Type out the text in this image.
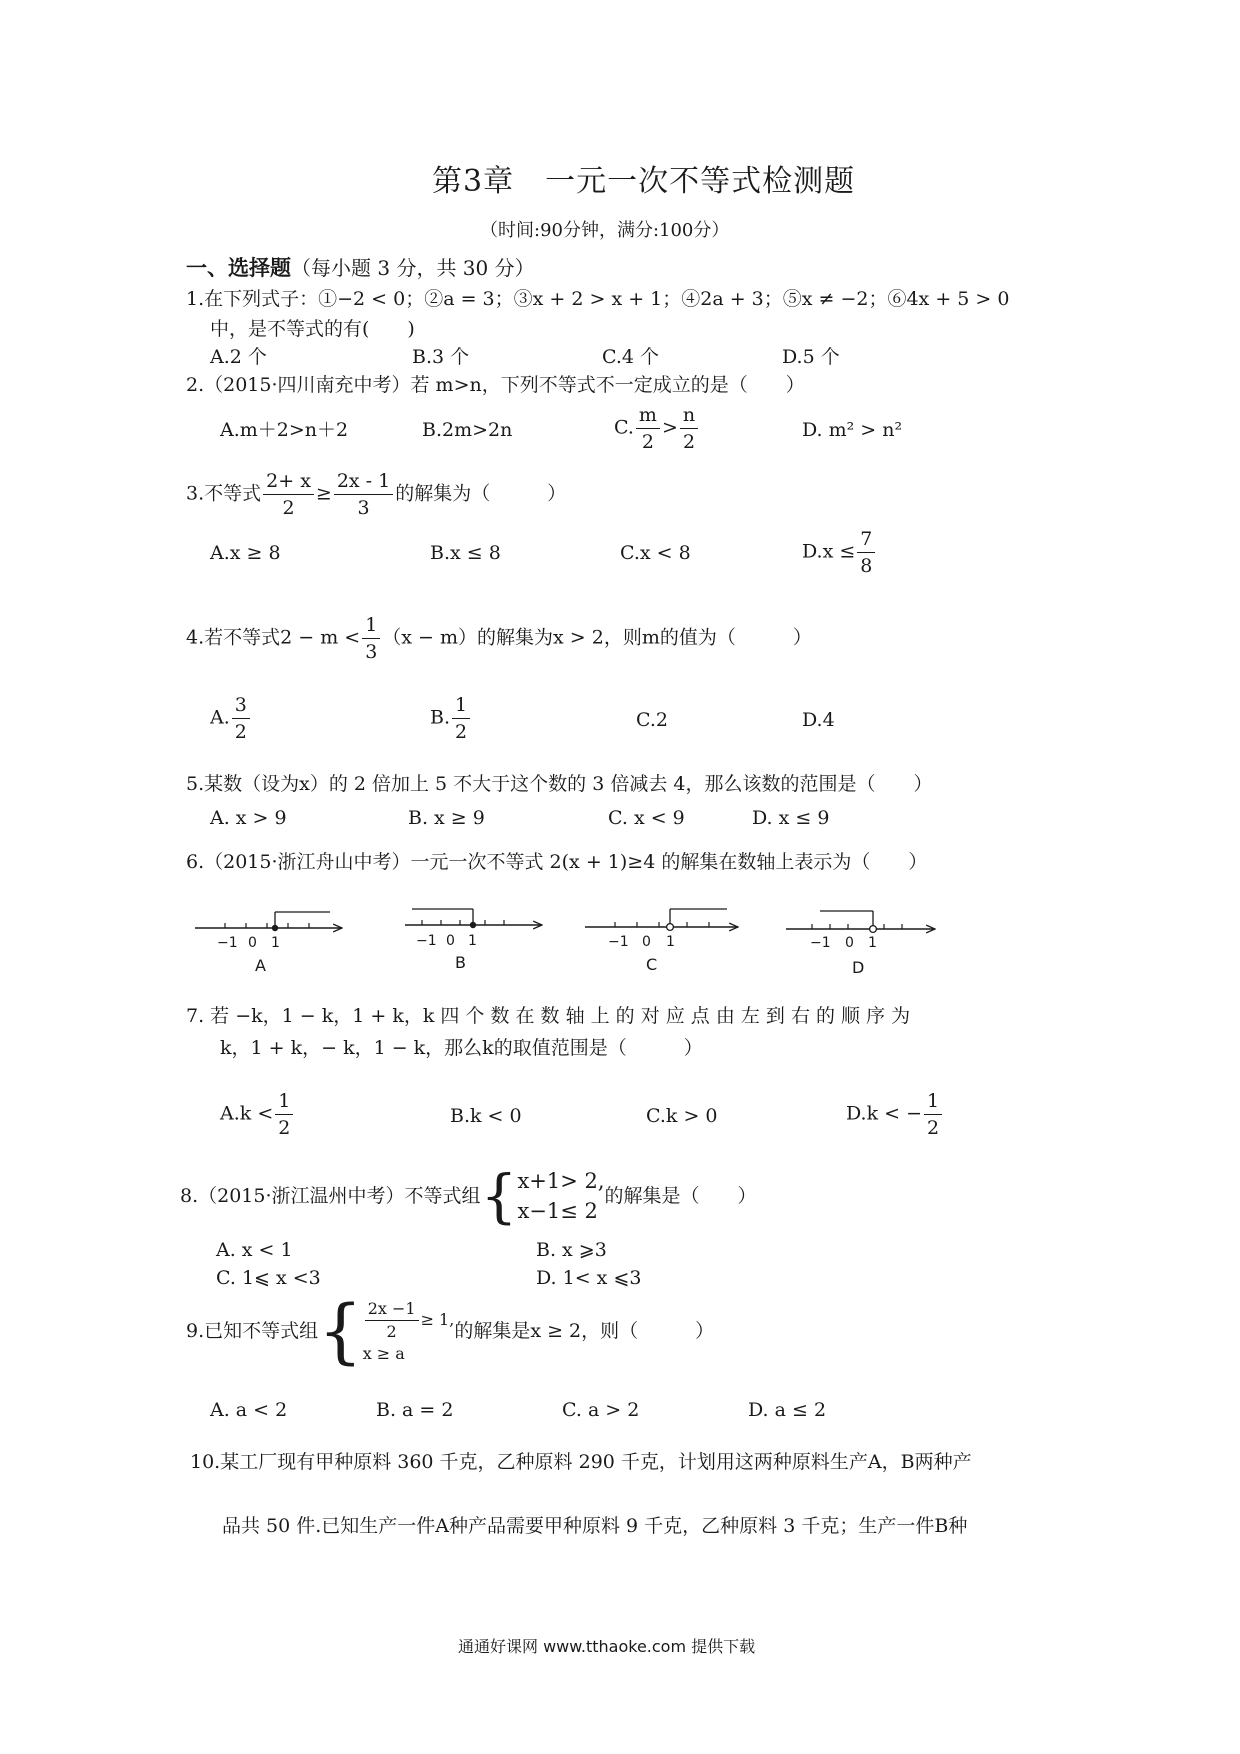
第3章　一元一次不等式检测题
（时间:90分钟，满分:100分）
一、选择题（每小题 3 分，共 30 分）
1.在下列式子：①−2 < 0；②a = 3；③x + 2 > x + 1；④2a + 3；⑤x ≠ −2；⑥4x + 5 > 0
中，是不等式的有(　　)
A.2 个	B.3 个	C.4 个	D.5 个
2.（2015·四川南充中考）若 m>n，下列不等式不一定成立的是（　　）
A.m＋2>n＋2	B.2m>2n	C. $\frac{m}{2} > \frac{n}{2}$	D. m² > n²
3.不等式 $\frac{2+ x}{2} \ge \frac{2x - 1}{3}$ 的解集为（　　　）
A.x ≥ 8	B.x ≤ 8	C.x < 8	$D.x \le \frac{7}{8}$
4.若不等式$2 - m < \frac{1}{3} (x - m)$的解集为x > 2，则m的值为（　　　）
A. $\frac{3}{2}$	B. $\frac{1}{2}$	C.2	D.4
5.某数（设为x）的 2 倍加上 5 不大于这个数的 3 倍减去 4，那么该数的范围是（　　）
A. x > 9	B. x ≥ 9	C. x < 9	D. x ≤ 9
6.（2015·浙江舟山中考）一元一次不等式 2(x + 1)≥4 的解集在数轴上表示为（　　）
−1 0 1
A
−1 0 1
B
−1 0 1
C
−1 0 1
D
7. 若 −k，1 − k，1 + k，k 四 个 数 在 数 轴 上 的 对 应 点 由 左 到 右 的 顺 序 为
k，1 + k，− k，1 − k，那么k的取值范围是（　　　）
$A.k < \frac{1}{2}$	B.k < 0	C.k > 0	D.k < − $\frac{1}{2}$
8.（2015·浙江温州中考）不等式组{ x+1> 2,
x−1≤ 2
的解集是（　　）
A. x < 1	B. x ⩾3
C. 1⩽ x <3	D. 1< x ⩽3
9.已知不等式组{ $\frac{2x -1}{2} \ge 1$,
x ≥ a
的解集是x ≥ 2，则（　　　）
A. a < 2	B. a = 2	C. a > 2	D. a ≤ 2
10.某工厂现有甲种原料 360 千克，乙种原料 290 千克，计划用这两种原料生产A，B两种产
品共 50 件.已知生产一件A种产品需要甲种原料 9 千克，乙种原料 3 千克；生产一件B种
通通好课网 www.tthaoke.com 提供下载
